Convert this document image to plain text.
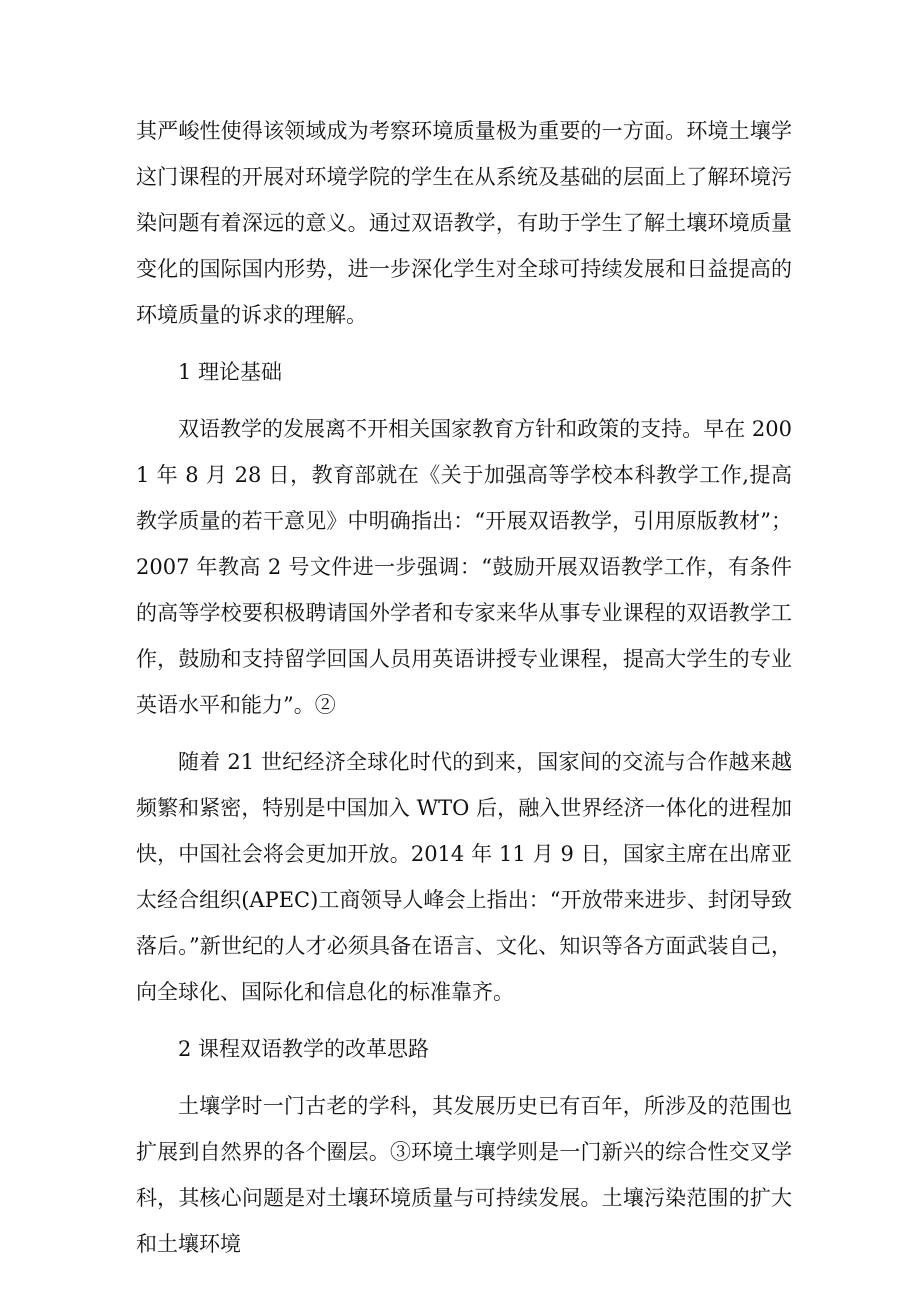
其严峻性使得该领域成为考察环境质量极为重要的一方面。环境土壤学这门课程的开展对环境学院的学生在从系统及基础的层面上了解环境污染问题有着深远的意义。通过双语教学，有助于学生了解土壤环境质量变化的国际国内形势，进一步深化学生对全球可持续发展和日益提高的环境质量的诉求的理解。

1 理论基础

双语教学的发展离不开相关国家教育方针和政策的支持。早在 2001 年 8 月 28 日，教育部就在《关于加强高等学校本科教学工作,提高教学质量的若干意见》中明确指出：“开展双语教学，引用原版教材”；2007 年教高 2 号文件进一步强调：“鼓励开展双语教学工作，有条件的高等学校要积极聘请国外学者和专家来华从事专业课程的双语教学工作，鼓励和支持留学回国人员用英语讲授专业课程，提高大学生的专业英语水平和能力”。②

随着 21 世纪经济全球化时代的到来，国家间的交流与合作越来越频繁和紧密，特别是中国加入 WTO 后，融入世界经济一体化的进程加快，中国社会将会更加开放。2014 年 11 月 9 日，国家主席在出席亚太经合组织(APEC)工商领导人峰会上指出：“开放带来进步、封闭导致落后。”新世纪的人才必须具备在语言、文化、知识等各方面武装自己，向全球化、国际化和信息化的标准靠齐。

2 课程双语教学的改革思路

土壤学时一门古老的学科，其发展历史已有百年，所涉及的范围也扩展到自然界的各个圈层。③环境土壤学则是一门新兴的综合性交叉学科，其核心问题是对土壤环境质量与可持续发展。土壤污染范围的扩大和土壤环境
